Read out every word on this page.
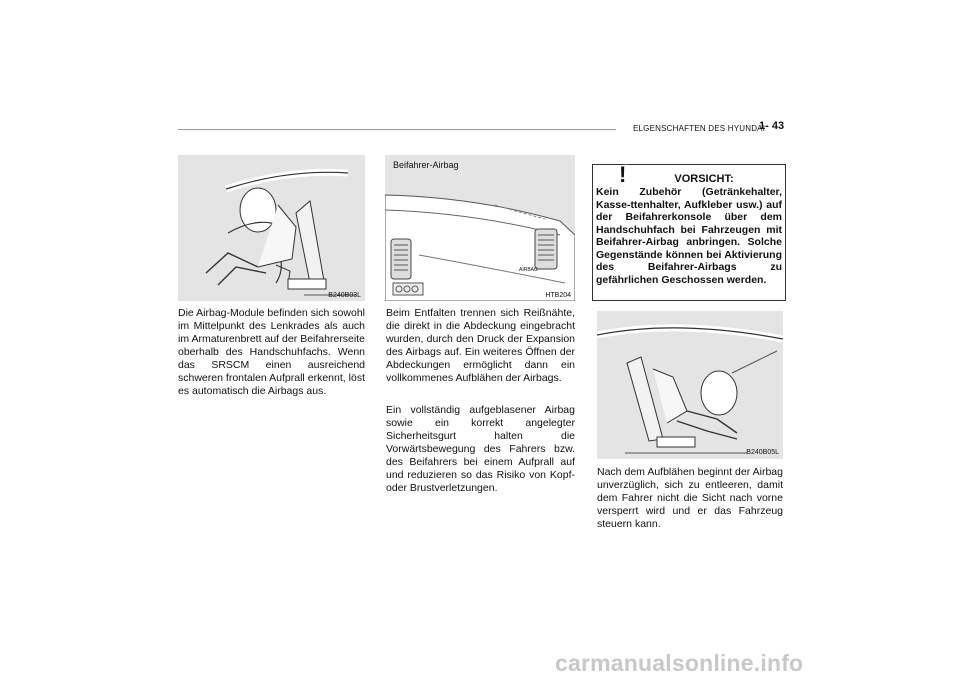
ELGENSCHAFTEN DES HYUNDAI
1- 43
B240B03L
Beifahrer-Airbag
AIRBAG
HTB204
!	VORSICHT:
Kein Zubehör (Getränkehalter, Kasse-ttenhalter, Aufkleber usw.) auf der Beifahrerkonsole über dem Handschuhfach bei Fahrzeugen mit Beifahrer-Airbag anbringen. Solche Gegenstände können bei Aktivierung des Beifahrer-Airbags zu gefährlichen Geschossen werden.
B240B05L
Die Airbag-Module befinden sich sowohl im Mittelpunkt des Lenkrades als auch im Armaturenbrett auf der Beifahrerseite oberhalb des Handschuhfachs. Wenn das SRSCM einen ausreichend schweren frontalen Aufprall erkennt, löst es automatisch die Airbags aus.
Beim Entfalten trennen sich Reißnähte, die direkt in die Abdeckung eingebracht wurden, durch den Druck der Expansion des Airbags auf. Ein weiteres Öffnen der Abdeckungen ermöglicht dann ein vollkommenes Aufblähen der Airbags.
Ein vollständig aufgeblasener Airbag sowie ein korrekt angelegter Sicherheitsgurt halten die Vorwärtsbewegung des Fahrers bzw. des Beifahrers bei einem Aufprall auf und reduzieren so das Risiko von Kopf- oder Brustverletzungen.
Nach dem Aufblähen beginnt der Airbag unverzüglich, sich zu entleeren, damit dem Fahrer nicht die Sicht nach vorne versperrt wird und er das Fahrzeug steuern kann.
carmanualsonline.info
